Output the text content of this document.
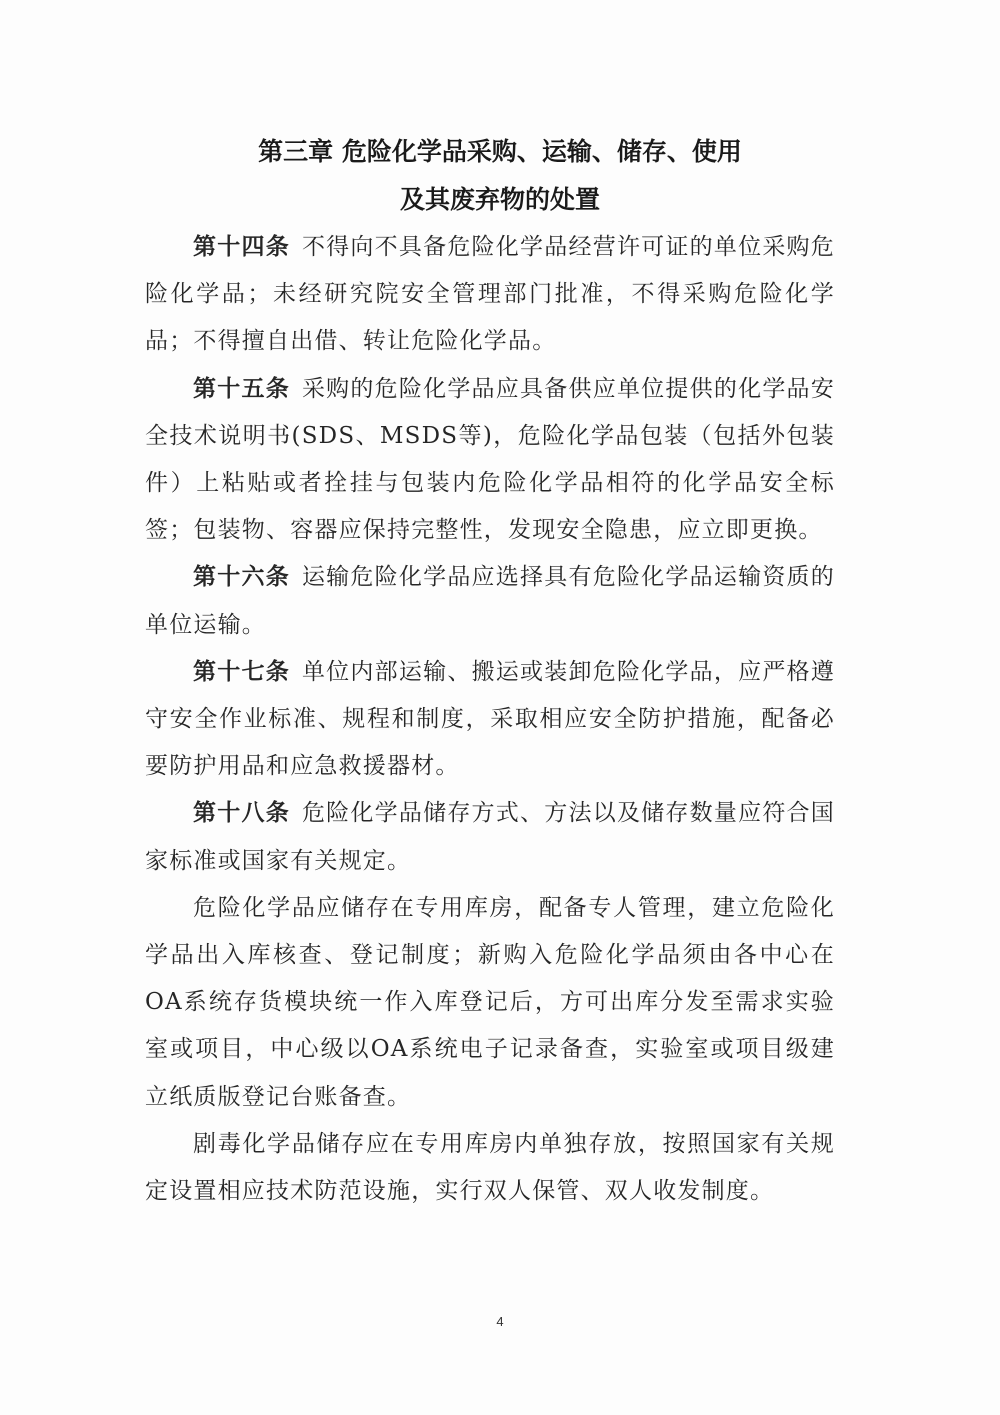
第三章 危险化学品采购、运输、储存、使用
及其废弃物的处置

第十四条 不得向不具备危险化学品经营许可证的单位采购危险化学品；未经研究院安全管理部门批准，不得采购危险化学品；不得擅自出借、转让危险化学品。

第十五条 采购的危险化学品应具备供应单位提供的化学品安全技术说明书(SDS、MSDS等)，危险化学品包装（包括外包装件）上粘贴或者拴挂与包装内危险化学品相符的化学品安全标签；包装物、容器应保持完整性，发现安全隐患，应立即更换。

第十六条 运输危险化学品应选择具有危险化学品运输资质的单位运输。

第十七条 单位内部运输、搬运或装卸危险化学品，应严格遵守安全作业标准、规程和制度，采取相应安全防护措施，配备必要防护用品和应急救援器材。

第十八条 危险化学品储存方式、方法以及储存数量应符合国家标准或国家有关规定。

危险化学品应储存在专用库房，配备专人管理，建立危险化学品出入库核查、登记制度；新购入危险化学品须由各中心在OA系统存货模块统一作入库登记后，方可出库分发至需求实验室或项目，中心级以OA系统电子记录备查，实验室或项目级建立纸质版登记台账备查。

剧毒化学品储存应在专用库房内单独存放，按照国家有关规定设置相应技术防范设施，实行双人保管、双人收发制度。

4
